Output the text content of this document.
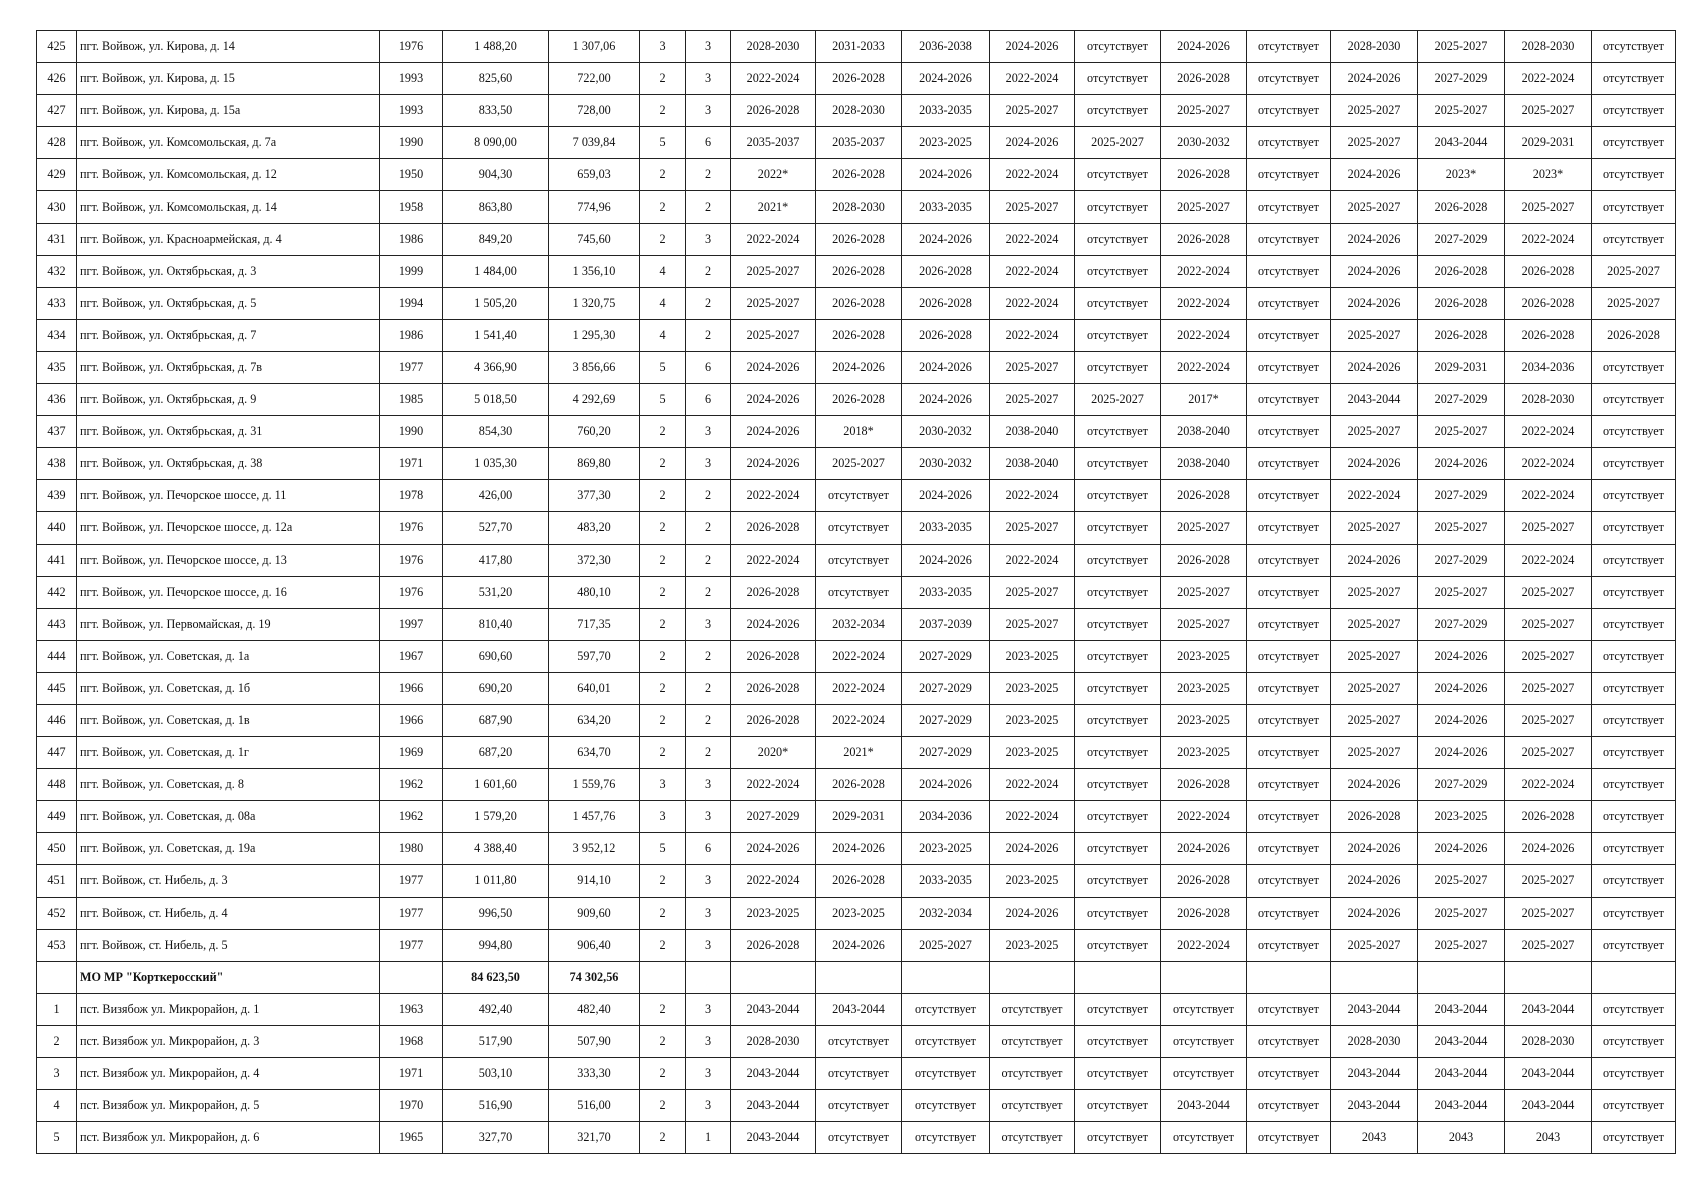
425	пгт. Войвож, ул. Кирова, д. 14	1976	1 488,20	1 307,06	3	3	2028-2030	2031-2033	2036-2038	2024-2026	отсутствует	2024-2026	отсутствует	2028-2030	2025-2027	2028-2030	отсутствует
426	пгт. Войвож, ул. Кирова, д. 15	1993	825,60	722,00	2	3	2022-2024	2026-2028	2024-2026	2022-2024	отсутствует	2026-2028	отсутствует	2024-2026	2027-2029	2022-2024	отсутствует
427	пгт. Войвож, ул. Кирова, д. 15а	1993	833,50	728,00	2	3	2026-2028	2028-2030	2033-2035	2025-2027	отсутствует	2025-2027	отсутствует	2025-2027	2025-2027	2025-2027	отсутствует
428	пгт. Войвож, ул. Комсомольская, д. 7а	1990	8 090,00	7 039,84	5	6	2035-2037	2035-2037	2023-2025	2024-2026	2025-2027	2030-2032	отсутствует	2025-2027	2043-2044	2029-2031	отсутствует
429	пгт. Войвож, ул. Комсомольская, д. 12	1950	904,30	659,03	2	2	2022*	2026-2028	2024-2026	2022-2024	отсутствует	2026-2028	отсутствует	2024-2026	2023*	2023*	отсутствует
430	пгт. Войвож, ул. Комсомольская, д. 14	1958	863,80	774,96	2	2	2021*	2028-2030	2033-2035	2025-2027	отсутствует	2025-2027	отсутствует	2025-2027	2026-2028	2025-2027	отсутствует
431	пгт. Войвож, ул. Красноармейская, д. 4	1986	849,20	745,60	2	3	2022-2024	2026-2028	2024-2026	2022-2024	отсутствует	2026-2028	отсутствует	2024-2026	2027-2029	2022-2024	отсутствует
432	пгт. Войвож, ул. Октябрьская, д. 3	1999	1 484,00	1 356,10	4	2	2025-2027	2026-2028	2026-2028	2022-2024	отсутствует	2022-2024	отсутствует	2024-2026	2026-2028	2026-2028	2025-2027
433	пгт. Войвож, ул. Октябрьская, д. 5	1994	1 505,20	1 320,75	4	2	2025-2027	2026-2028	2026-2028	2022-2024	отсутствует	2022-2024	отсутствует	2024-2026	2026-2028	2026-2028	2025-2027
434	пгт. Войвож, ул. Октябрьская, д. 7	1986	1 541,40	1 295,30	4	2	2025-2027	2026-2028	2026-2028	2022-2024	отсутствует	2022-2024	отсутствует	2025-2027	2026-2028	2026-2028	2026-2028
435	пгт. Войвож, ул. Октябрьская, д. 7в	1977	4 366,90	3 856,66	5	6	2024-2026	2024-2026	2024-2026	2025-2027	отсутствует	2022-2024	отсутствует	2024-2026	2029-2031	2034-2036	отсутствует
436	пгт. Войвож, ул. Октябрьская, д. 9	1985	5 018,50	4 292,69	5	6	2024-2026	2026-2028	2024-2026	2025-2027	2025-2027	2017*	отсутствует	2043-2044	2027-2029	2028-2030	отсутствует
437	пгт. Войвож, ул. Октябрьская, д. 31	1990	854,30	760,20	2	3	2024-2026	2018*	2030-2032	2038-2040	отсутствует	2038-2040	отсутствует	2025-2027	2025-2027	2022-2024	отсутствует
438	пгт. Войвож, ул. Октябрьская, д. 38	1971	1 035,30	869,80	2	3	2024-2026	2025-2027	2030-2032	2038-2040	отсутствует	2038-2040	отсутствует	2024-2026	2024-2026	2022-2024	отсутствует
439	пгт. Войвож, ул. Печорское шоссе, д. 11	1978	426,00	377,30	2	2	2022-2024	отсутствует	2024-2026	2022-2024	отсутствует	2026-2028	отсутствует	2022-2024	2027-2029	2022-2024	отсутствует
440	пгт. Войвож, ул. Печорское шоссе, д. 12а	1976	527,70	483,20	2	2	2026-2028	отсутствует	2033-2035	2025-2027	отсутствует	2025-2027	отсутствует	2025-2027	2025-2027	2025-2027	отсутствует
441	пгт. Войвож, ул. Печорское шоссе, д. 13	1976	417,80	372,30	2	2	2022-2024	отсутствует	2024-2026	2022-2024	отсутствует	2026-2028	отсутствует	2024-2026	2027-2029	2022-2024	отсутствует
442	пгт. Войвож, ул. Печорское шоссе, д. 16	1976	531,20	480,10	2	2	2026-2028	отсутствует	2033-2035	2025-2027	отсутствует	2025-2027	отсутствует	2025-2027	2025-2027	2025-2027	отсутствует
443	пгт. Войвож, ул. Первомайская, д. 19	1997	810,40	717,35	2	3	2024-2026	2032-2034	2037-2039	2025-2027	отсутствует	2025-2027	отсутствует	2025-2027	2027-2029	2025-2027	отсутствует
444	пгт. Войвож, ул. Советская, д. 1а	1967	690,60	597,70	2	2	2026-2028	2022-2024	2027-2029	2023-2025	отсутствует	2023-2025	отсутствует	2025-2027	2024-2026	2025-2027	отсутствует
445	пгт. Войвож, ул. Советская, д. 1б	1966	690,20	640,01	2	2	2026-2028	2022-2024	2027-2029	2023-2025	отсутствует	2023-2025	отсутствует	2025-2027	2024-2026	2025-2027	отсутствует
446	пгт. Войвож, ул. Советская, д. 1в	1966	687,90	634,20	2	2	2026-2028	2022-2024	2027-2029	2023-2025	отсутствует	2023-2025	отсутствует	2025-2027	2024-2026	2025-2027	отсутствует
447	пгт. Войвож, ул. Советская, д. 1г	1969	687,20	634,70	2	2	2020*	2021*	2027-2029	2023-2025	отсутствует	2023-2025	отсутствует	2025-2027	2024-2026	2025-2027	отсутствует
448	пгт. Войвож, ул. Советская, д. 8	1962	1 601,60	1 559,76	3	3	2022-2024	2026-2028	2024-2026	2022-2024	отсутствует	2026-2028	отсутствует	2024-2026	2027-2029	2022-2024	отсутствует
449	пгт. Войвож, ул. Советская, д. 08а	1962	1 579,20	1 457,76	3	3	2027-2029	2029-2031	2034-2036	2022-2024	отсутствует	2022-2024	отсутствует	2026-2028	2023-2025	2026-2028	отсутствует
450	пгт. Войвож, ул. Советская, д. 19а	1980	4 388,40	3 952,12	5	6	2024-2026	2024-2026	2023-2025	2024-2026	отсутствует	2024-2026	отсутствует	2024-2026	2024-2026	2024-2026	отсутствует
451	пгт. Войвож, ст. Нибель, д. 3	1977	1 011,80	914,10	2	3	2022-2024	2026-2028	2033-2035	2023-2025	отсутствует	2026-2028	отсутствует	2024-2026	2025-2027	2025-2027	отсутствует
452	пгт. Войвож, ст. Нибель, д. 4	1977	996,50	909,60	2	3	2023-2025	2023-2025	2032-2034	2024-2026	отсутствует	2026-2028	отсутствует	2024-2026	2025-2027	2025-2027	отсутствует
453	пгт. Войвож, ст. Нибель, д. 5	1977	994,80	906,40	2	3	2026-2028	2024-2026	2025-2027	2023-2025	отсутствует	2022-2024	отсутствует	2025-2027	2025-2027	2025-2027	отсутствует
	МО МР "Корткеросский"		84 623,50	74 302,56													
1	пст. Визябож ул. Микрорайон, д. 1	1963	492,40	482,40	2	3	2043-2044	2043-2044	отсутствует	отсутствует	отсутствует	отсутствует	отсутствует	2043-2044	2043-2044	2043-2044	отсутствует
2	пст. Визябож ул. Микрорайон, д. 3	1968	517,90	507,90	2	3	2028-2030	отсутствует	отсутствует	отсутствует	отсутствует	отсутствует	отсутствует	2028-2030	2043-2044	2028-2030	отсутствует
3	пст. Визябож ул. Микрорайон, д. 4	1971	503,10	333,30	2	3	2043-2044	отсутствует	отсутствует	отсутствует	отсутствует	отсутствует	отсутствует	2043-2044	2043-2044	2043-2044	отсутствует
4	пст. Визябож ул. Микрорайон, д. 5	1970	516,90	516,00	2	3	2043-2044	отсутствует	отсутствует	отсутствует	отсутствует	2043-2044	отсутствует	2043-2044	2043-2044	2043-2044	отсутствует
5	пст. Визябож ул. Микрорайон, д. 6	1965	327,70	321,70	2	1	2043-2044	отсутствует	отсутствует	отсутствует	отсутствует	отсутствует	отсутствует	2043	2043	2043	отсутствует
